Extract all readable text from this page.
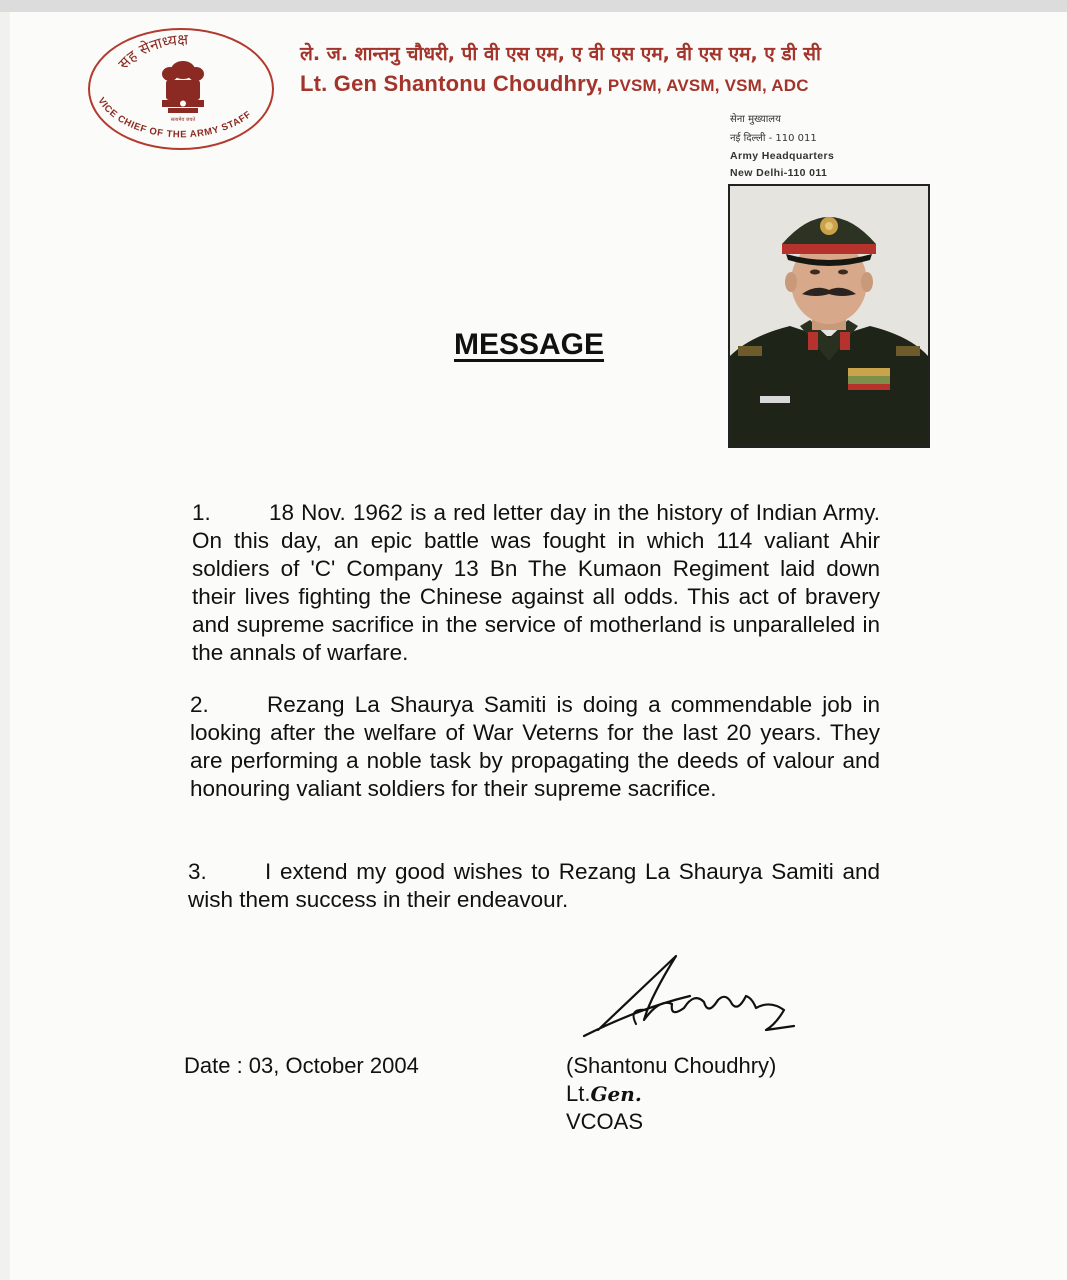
सह सेनाध्यक्ष
VICE CHIEF OF THE ARMY STAFF
सत्यमेव जयते
ले. ज. शान्तनु चौधरी, पी वी एस एम, ए वी एस एम, वी एस एम, ए डी सी
Lt. Gen Shantonu Choudhry, PVSM, AVSM, VSM, ADC
सेना मुख्यालय
नई दिल्ली - 110 011
Army Headquarters
New Delhi-110 011
MESSAGE

1.	18 Nov. 1962 is a red letter day in the history of Indian Army. On this day, an epic battle was fought in which 114 valiant Ahir soldiers of 'C' Company 13 Bn The Kumaon Regiment laid down their lives fighting the Chinese against all odds. This act of bravery and supreme sacrifice in the service of motherland is unparalleled in the annals of warfare.

2.	Rezang La Shaurya Samiti is doing a commendable job in looking after the welfare of War Veterns for the last 20 years. They are performing a noble task by propagating the deeds of valour and honouring valiant soldiers for their supreme sacrifice.

3.	I extend my good wishes to Rezang La Shaurya Samiti and wish them success in their endeavour.

Date : 03, October 2004	(Shantonu Choudhry)
Lt.Gen.
VCOAS
